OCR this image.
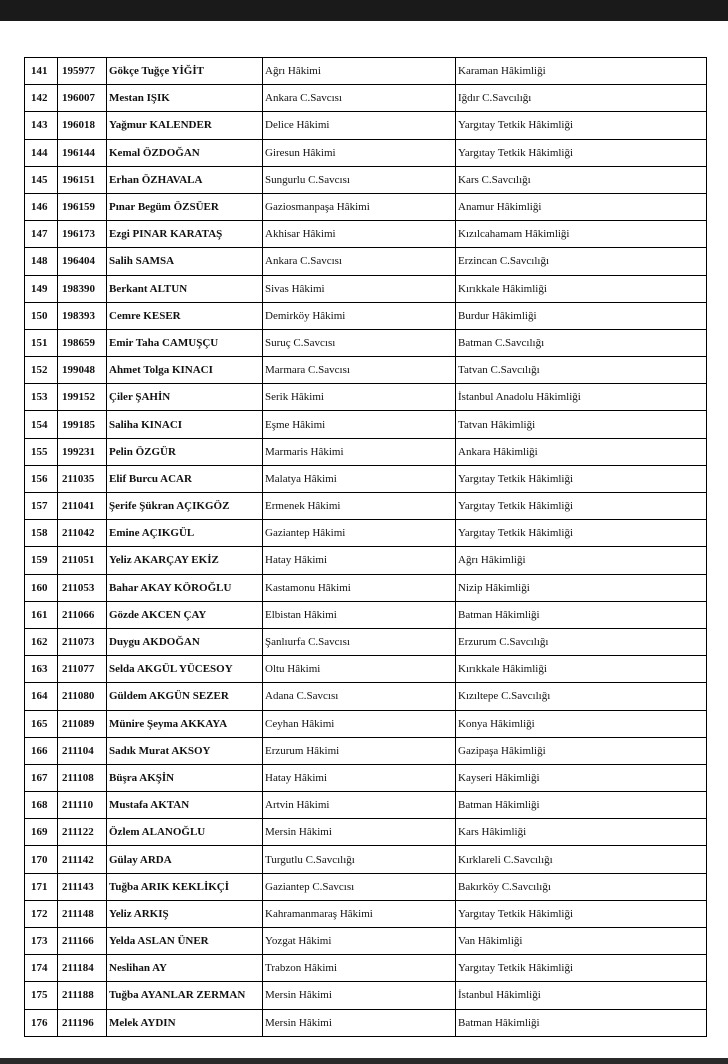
141	195977	Gökçe Tuğçe YİĞİT	Ağrı Hâkimi	Karaman Hâkimliği
142	196007	Mestan IŞIK	Ankara C.Savcısı	Iğdır C.Savcılığı
143	196018	Yağmur KALENDER	Delice Hâkimi	Yargıtay Tetkik Hâkimliği
144	196144	Kemal ÖZDOĞAN	Giresun Hâkimi	Yargıtay Tetkik Hâkimliği
145	196151	Erhan ÖZHAVALA	Sungurlu C.Savcısı	Kars C.Savcılığı
146	196159	Pınar Begüm ÖZSÜER	Gaziosmanpaşa Hâkimi	Anamur Hâkimliği
147	196173	Ezgi PINAR KARATAŞ	Akhisar Hâkimi	Kızılcahamam Hâkimliği
148	196404	Salih SAMSA	Ankara C.Savcısı	Erzincan C.Savcılığı
149	198390	Berkant ALTUN	Sivas Hâkimi	Kırıkkale Hâkimliği
150	198393	Cemre KESER	Demirköy Hâkimi	Burdur Hâkimliği
151	198659	Emir Taha CAMUŞÇU	Suruç C.Savcısı	Batman C.Savcılığı
152	199048	Ahmet Tolga KINACI	Marmara C.Savcısı	Tatvan C.Savcılığı
153	199152	Çiler ŞAHİN	Serik Hâkimi	İstanbul Anadolu Hâkimliği
154	199185	Saliha KINACI	Eşme Hâkimi	Tatvan Hâkimliği
155	199231	Pelin ÖZGÜR	Marmaris Hâkimi	Ankara Hâkimliği
156	211035	Elif Burcu ACAR	Malatya Hâkimi	Yargıtay Tetkik Hâkimliği
157	211041	Şerife Şükran AÇIKGÖZ	Ermenek Hâkimi	Yargıtay Tetkik Hâkimliği
158	211042	Emine AÇIKGÜL	Gaziantep Hâkimi	Yargıtay Tetkik Hâkimliği
159	211051	Yeliz AKARÇAY EKİZ	Hatay Hâkimi	Ağrı Hâkimliği
160	211053	Bahar AKAY KÖROĞLU	Kastamonu Hâkimi	Nizip Hâkimliği
161	211066	Gözde AKCEN ÇAY	Elbistan Hâkimi	Batman Hâkimliği
162	211073	Duygu AKDOĞAN	Şanlıurfa C.Savcısı	Erzurum C.Savcılığı
163	211077	Selda AKGÜL YÜCESOY	Oltu Hâkimi	Kırıkkale Hâkimliği
164	211080	Güldem AKGÜN SEZER	Adana C.Savcısı	Kızıltepe C.Savcılığı
165	211089	Münire Şeyma AKKAYA	Ceyhan Hâkimi	Konya Hâkimliği
166	211104	Sadık Murat AKSOY	Erzurum Hâkimi	Gazipaşa Hâkimliği
167	211108	Büşra AKŞİN	Hatay Hâkimi	Kayseri Hâkimliği
168	211110	Mustafa AKTAN	Artvin Hâkimi	Batman Hâkimliği
169	211122	Özlem ALANOĞLU	Mersin Hâkimi	Kars Hâkimliği
170	211142	Gülay ARDA	Turgutlu C.Savcılığı	Kırklareli C.Savcılığı
171	211143	Tuğba ARIK KEKLİKÇİ	Gaziantep C.Savcısı	Bakırköy C.Savcılığı
172	211148	Yeliz ARKIŞ	Kahramanmaraş Hâkimi	Yargıtay Tetkik Hâkimliği
173	211166	Yelda ASLAN ÜNER	Yozgat Hâkimi	Van Hâkimliği
174	211184	Neslihan AY	Trabzon Hâkimi	Yargıtay Tetkik Hâkimliği
175	211188	Tuğba AYANLAR ZERMAN	Mersin Hâkimi	İstanbul Hâkimliği
176	211196	Melek AYDIN	Mersin Hâkimi	Batman Hâkimliği
